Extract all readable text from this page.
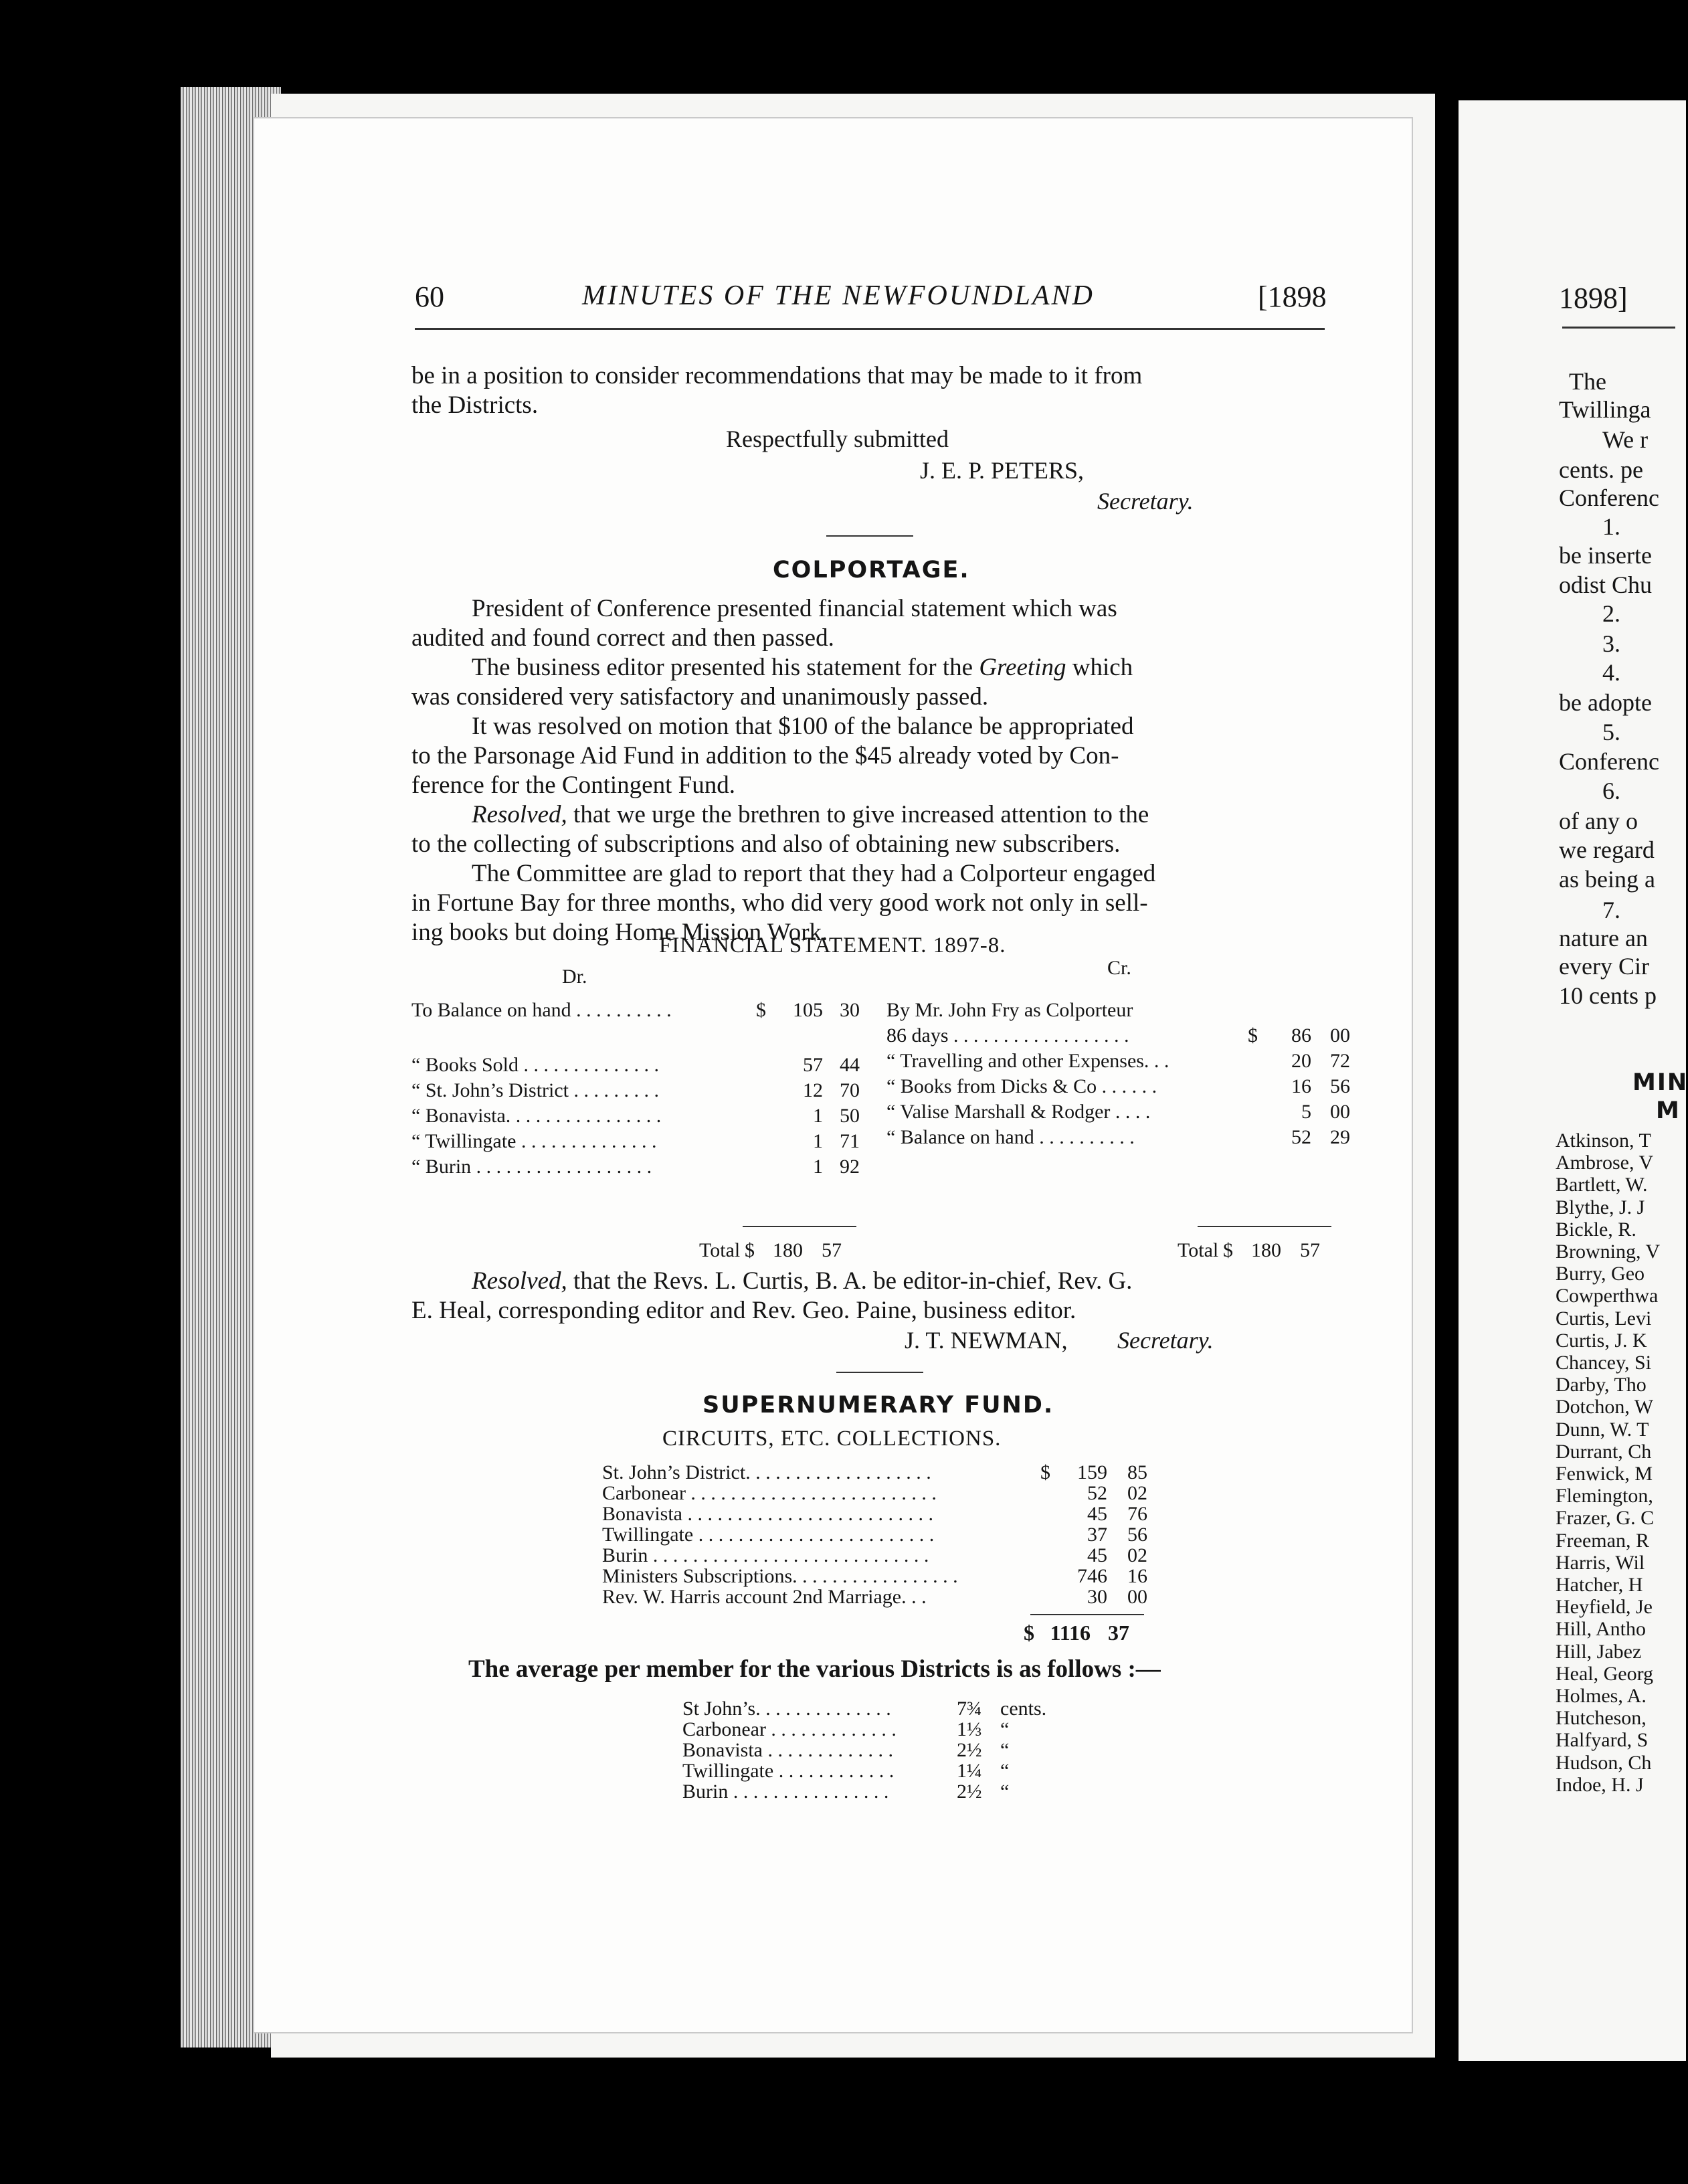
60	MINUTES OF THE NEWFOUNDLAND	[1898
be in a position to consider recommendations that may be made to it from
the Districts.
Respectfully submitted
J. E. P. PETERS,
Secretary.
COLPORTAGE.
President of Conference presented financial statement which was
audited and found correct and then passed.
The business editor presented his statement for the Greeting which
was considered very satisfactory and unanimously passed.
It was resolved on motion that $100 of the balance be appropriated
to the Parsonage Aid Fund in addition to the $45 already voted by Con-
ference for the Contingent Fund.
Resolved, that we urge the brethren to give increased attention to the
to the collecting of subscriptions and also of obtaining new subscribers.
The Committee are glad to report that they had a Colporteur engaged
in Fortune Bay for three months, who did very good work not only in sell-
ing books but doing Home Mission Work.
FINANCIAL STATEMENT. 1897-8.
Dr.	Cr.
To Balance on hand . . . . . . . . . .	$	105 30
“ Books Sold . . . . . . . . . . . . . .	57 44
“ St. John’s District . . . . . . . . .	12 70
“ Bonavista. . . . . . . . . . . . . . . .	1 50
“ Twillingate . . . . . . . . . . . . . .	1 71
“ Burin . . . . . . . . . . . . . . . . . .	1 92
By Mr. John Fry as Colporteur
86 days . . . . . . . . . . . . . . . . . .	$	86 00
“ Travelling and other Expenses. . .	20 72
“ Books from Dicks & Co . . . . . .	16 56
“ Valise Marshall & Rodger . . . .	5 00
“ Balance on hand . . . . . . . . . .	52 29
Total $ 180 57	Total $ 180 57
Resolved, that the Revs. L. Curtis, B. A. be editor-in-chief, Rev. G.
E. Heal, corresponding editor and Rev. Geo. Paine, business editor.
J. T. NEWMAN, Secretary.
SUPERNUMERARY FUND.
CIRCUITS, ETC. COLLECTIONS.
St. John’s District. . . . . . . . . . . . . . . . . . .	$	159	85
Carbonear . . . . . . . . . . . . . . . . . . . . . . . . .	52	02
Bonavista . . . . . . . . . . . . . . . . . . . . . . . . .	45	76
Twillingate . . . . . . . . . . . . . . . . . . . . . . . .	37	56
Burin . . . . . . . . . . . . . . . . . . . . . . . . . . . .	45	02
Ministers Subscriptions. . . . . . . . . . . . . . . . .	746	16
Rev. W. Harris account 2nd Marriage. . .	30	00
$ 1116 37
The average per member for the various Districts is as follows :—
St John’s. . . . . . . . . . . . . .	7¾ cents.
Carbonear . . . . . . . . . . . . .	1⅓ “
Bonavista . . . . . . . . . . . . .	2½ “
Twillingate . . . . . . . . . . . .	1¼ “
Burin . . . . . . . . . . . . . . . .	2½ “
1898]
The
Twillinga
We r
cents. pe
Conferenc
1.
be inserte
odist Chu
2.
3.
4.
be adopte
5.
Conferenc
6.
of any o
we regard
as being a
7.
nature an
every Cir
10 cents p
MIN
M
Atkinson, T
Ambrose, V
Bartlett, W.
Blythe, J. J
Bickle, R.
Browning, V
Burry, Geo
Cowperthwa
Curtis, Levi
Curtis, J. K
Chancey, Si
Darby, Tho
Dotchon, W
Dunn, W. T
Durrant, Ch
Fenwick, M
Flemington,
Frazer, G. C
Freeman, R
Harris, Wil
Hatcher, H
Heyfield, Je
Hill, Antho
Hill, Jabez
Heal, Georg
Holmes, A.
Hutcheson,
Halfyard, S
Hudson, Ch
Indoe, H. J
